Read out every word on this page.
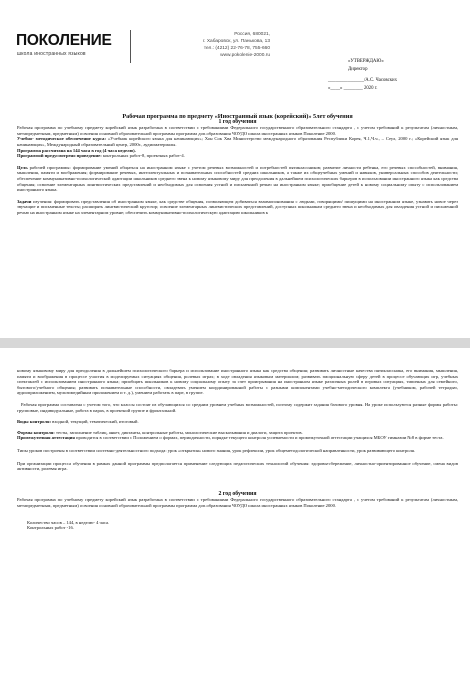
ПОКОЛЕНИЕ
школа иностранных языков
Россия, 680021,
г. Хабаровск, ул. Панькова, 13
тел.: (4212) 22-76-78, 755-660
www.pokolenie-2000.ru
«УТВЕРЖДАЮ»
Директор
_______________/А.С. Часовских
«____» ________ 2020 г.
Рабочая программа по предмету «Иностранный язык (корейский)» 5лет обучения
1 год обучения

Рабочая программа по учебному предмету корейский язык разработана в соответствии с требованиями Федерального государственного образовательного стандарта , с учетом требований к результатам (личностным, метапредметным, предметным) освоения основной образовательной программы программа доп.образования ЧОУДО школа иностранных языков Поколение 2000.

Учебно- методическое обеспечение курса: «Учебник корейского языка для начинающих»; Хон Сок Хва Министерство международного образования Республики Корея, Ч.1,Ч.ч., – Сеул, 2000 г.; «Корейский язык для начинающих», Международный образовательный центр, 2000г., аудиоматериалы.

Программа рассчитана на 144 часа в год (4 часа неделю).

Программой предусмотрено проведение: контрольных работ-8, проектных работ-4.

Цель рабочей программы: формирование умений общаться на иностранном языке с учетом речевых возможностей и потребностей пятиклассников; развитие личности ребенка, его речевых способностей, внимания, мышления, памяти и воображения; формирование речевых, интеллектуальных и познавательных способностей средних школьников, а также их общеучебных умений и навыков, универсальных способов деятельности; обеспечение коммуникативно-психологической адаптации школьников среднего звена к новому языковому миру для преодоления в дальнейшем психологических барьеров в использовании иностранного языка как средства общения; освоение элементарных лингвистических представлений и необходимых для освоения устной и письменной речью на иностранном языке; приобщение детей к новому социальному опыту с использованием иностранного языка.

Задачи изучения: формировать представления об иностранном языке, как средстве общения, позволяющем добиваться взаимопонимания с людьми, говорящими/ пишущими на иностранном языке, узнавать новое через звучащие и письменные тексты; расширять лингвистический кругозор; освоение элементарных лингвистических представлений, доступных школьникам среднего звена и необходимых для овладения устной и письменной речью на иностранном языке на элементарном уровне; обеспечить коммуникативно-психологическую адаптацию школьников к

новому языковому миру для преодоления в дальнейшем психологического барьера и использование иностранного языка как средства общения; развивать личностные качества пятиклассника, его внимания, мышления, памяти и воображения в процессе участия в моделируемых ситуациях общения, ролевых играх; в ходе овладения языковым материалом; развивать эмоциональную сферу детей в процессе обучающих игр, учебных спектаклей с использованием иностранного языка; приобщать школьников к новому социальному опыту за счет проигрывания на иностранном языке различных ролей в игровых ситуациях, типичных для семейного, бытового/учебного общения; развивать познавательные способности, овладевать умением координированной работы с разными компонентами учебно-методического комплекта (учебником, рабочей тетрадью, аудиоприложением, мультимедийным приложением и т. д.), умением работать в паре, в группе.

Рабочая программа составлена с учетом того, что классы состоят из обучающихся со средним уровнем учебных возможностей, поэтому содержит задания базового уровня. На уроке используются разные формы работы: групповые, индивидуальные, работа в парах, в проектной группе и фронтальной.

Виды контроля: входной, текущий, тематический, итоговый.

Формы контроля: тесты, заполнение таблиц, анкет, диктанты, контрольные работы, монологические высказывания и диалоги, защита проектов.

Промежуточная аттестация проводится в соответствии с Положением о формах, периодичности, порядке текущего контроля успеваемости и промежуточной аттестации учащихся МБОУ гимназии №8 в форме теста.

Типы уроков построены в соответствии системно-деятельностного подхода: урок «открытия» нового знания, урок рефлексии, урок общеметодологической направленности, урок развивающего контроля.

При организации процесса обучения в рамках данной программы предполагается применение следующих педагогических технологий обучения: здоровьесбережение, личностно-ориентированное обучение, смена видов активности, ролевая игра.

2 год обучения

Рабочая программа по учебному предмету корейский язык разработана в соответствии с требованиями Федерального государственного образовательного стандарта , с учетом требований к результатам (личностным, метапредметным, предметным) освоения основной образовательной программы программа доп.образования ЧОУДО школа иностранных языков Поколение 2000.

Количество часов – 144, в неделю- 4 часа.

Контрольных работ -16.
